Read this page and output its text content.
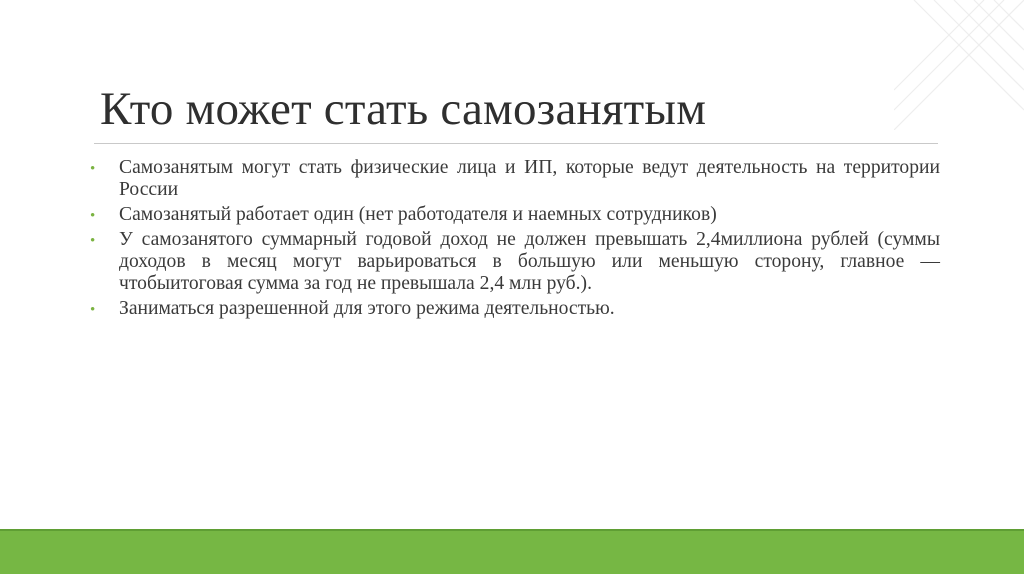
Кто может стать самозанятым
• Самозанятым могут стать физические лица и ИП, которые ведут деятельность на территории России
• Самозанятый работает один (нет работодателя и наемных сотрудников)
• У самозанятого суммарный годовой доход не должен превышать 2,4миллиона рублей (суммы доходов в месяц могут варьироваться в большую или меньшую сторону, главное — чтобыитоговая сумма за год не превышала 2,4 млн руб.).
• Заниматься разрешенной для этого режима деятельностью.
